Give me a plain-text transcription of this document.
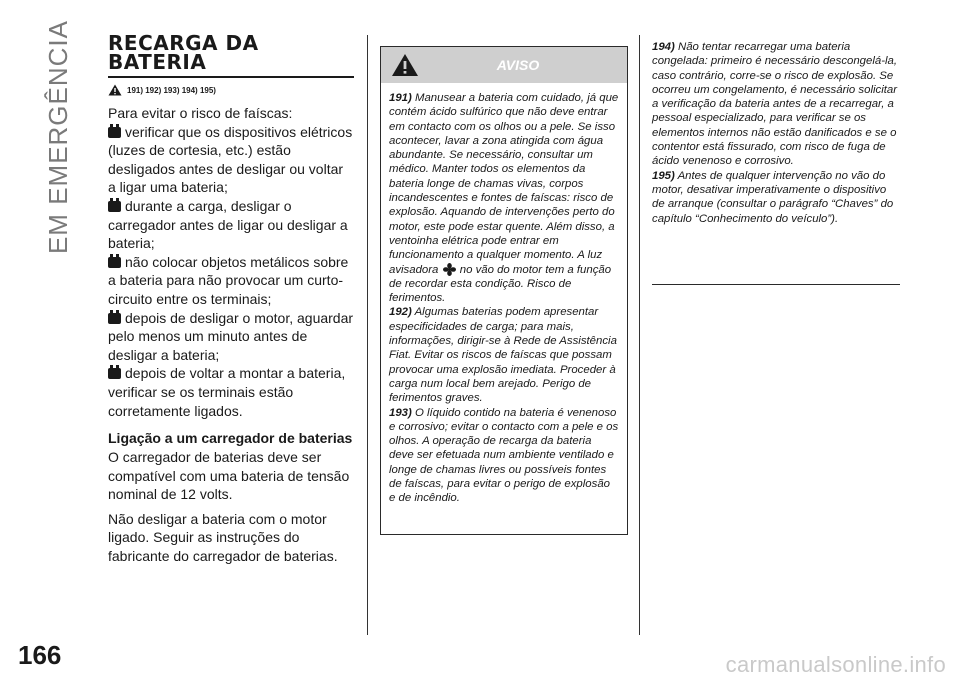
EM EMERGÊNCIA
166	carmanualsonline.info
RECARGA DA
BATERIA
191) 192) 193) 194) 195)

Para evitar o risco de faíscas:

verificar que os dispositivos elétricos (luzes de cortesia, etc.) estão desligados antes de desligar ou voltar a ligar uma bateria;

durante a carga, desligar o carregador antes de ligar ou desligar a bateria;

não colocar objetos metálicos sobre a bateria para não provocar um curto-circuito entre os terminais;

depois de desligar o motor, aguardar pelo menos um minuto antes de desligar a bateria;

depois de voltar a montar a bateria, verificar se os terminais estão corretamente ligados.

Ligação a um carregador de baterias

O carregador de baterias deve ser compatível com uma bateria de tensão nominal de 12 volts.

Não desligar a bateria com o motor ligado. Seguir as instruções do fabricante do carregador de baterias.

AVISO

191) Manusear a bateria com cuidado, já que contém ácido sulfúrico que não deve entrar em contacto com os olhos ou a pele. Se isso acontecer, lavar a zona atingida com água abundante. Se necessário, consultar um médico. Manter todos os elementos da bateria longe de chamas vivas, corpos incandescentes e fontes de faíscas: risco de explosão. Aquando de intervenções perto do motor, este pode estar quente. Além disso, a ventoinha elétrica pode entrar em funcionamento a qualquer momento. A luz avisadora no vão do motor tem a função de recordar esta condição. Risco de ferimentos.

192) Algumas baterias podem apresentar especificidades de carga; para mais, informações, dirigir-se à Rede de Assistência Fiat. Evitar os riscos de faíscas que possam provocar uma explosão imediata. Proceder à carga num local bem arejado. Perigo de ferimentos graves.

193) O líquido contido na bateria é venenoso e corrosivo; evitar o contacto com a pele e os olhos. A operação de recarga da bateria deve ser efetuada num ambiente ventilado e longe de chamas livres ou possíveis fontes de faíscas, para evitar o perigo de explosão e de incêndio.

194) Não tentar recarregar uma bateria congelada: primeiro é necessário descongelá-la, caso contrário, corre-se o risco de explosão. Se ocorreu um congelamento, é necessário solicitar a verificação da bateria antes de a recarregar, a pessoal especializado, para verificar se os elementos internos não estão danificados e se o contentor está fissurado, com risco de fuga de ácido venenoso e corrosivo.

195) Antes de qualquer intervenção no vão do motor, desativar imperativamente o dispositivo de arranque (consultar o parágrafo “Chaves” do capítulo “Conhecimento do veículo”).
